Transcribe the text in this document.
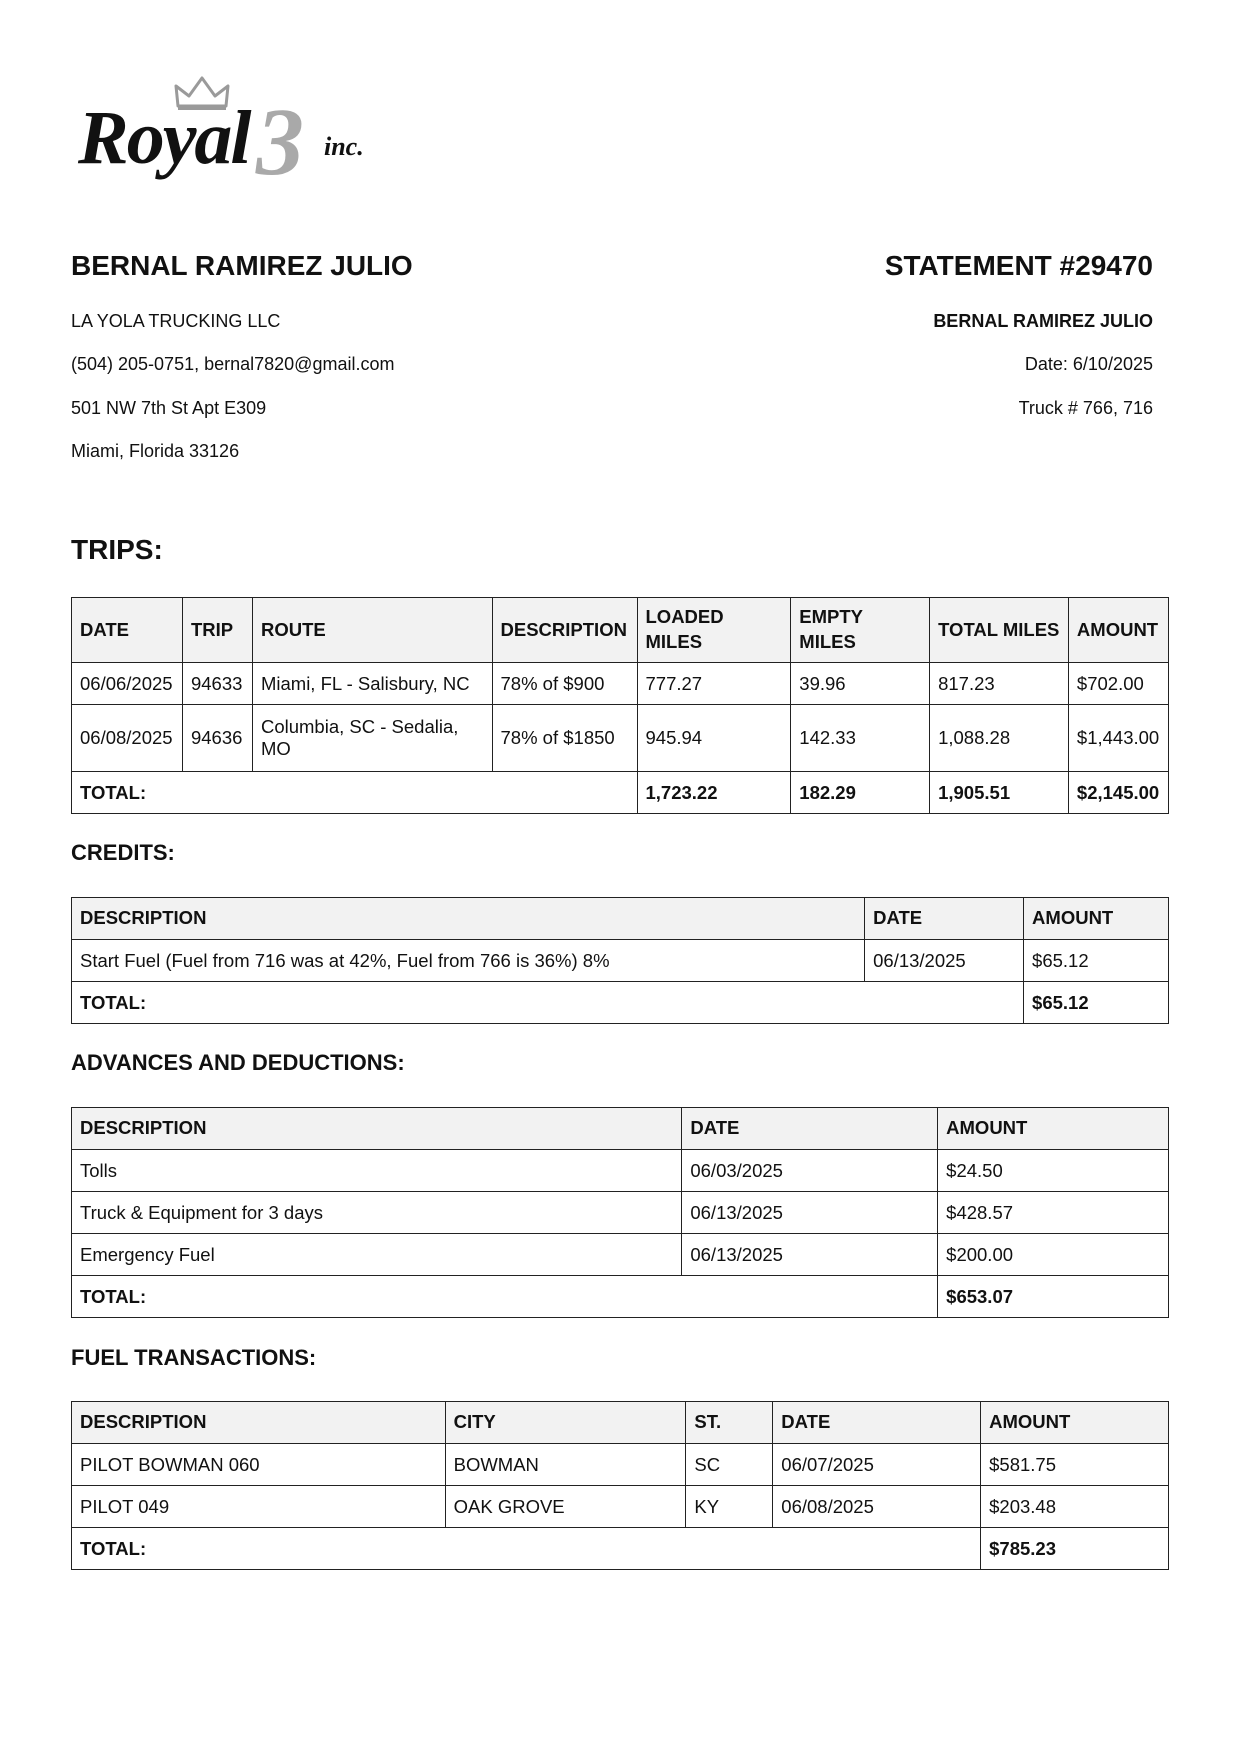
3
Royal	inc.
BERNAL RAMIREZ JULIO
LA YOLA TRUCKING LLC
(504) 205-0751, bernal7820@gmail.com
501 NW 7th St Apt E309
Miami, Florida 33126
STATEMENT #29470
BERNAL RAMIREZ JULIO
Date: 6/10/2025
Truck # 766, 716
TRIPS:
DATE	TRIP	ROUTE	DESCRIPTION	LOADED MILES	EMPTY MILES	TOTAL MILES	AMOUNT
06/06/2025	94633	Miami, FL - Salisbury, NC	78% of $900	777.27	39.96	817.23	$702.00
06/08/2025	94636	Columbia, SC - Sedalia, MO	78% of $1850	945.94	142.33	1,088.28	$1,443.00
TOTAL:				1,723.22	182.29	1,905.51	$2,145.00
CREDITS:
DESCRIPTION	DATE	AMOUNT
Start Fuel (Fuel from 716 was at 42%, Fuel from 766 is 36%) 8%	06/13/2025	$65.12
TOTAL:		$65.12
ADVANCES AND DEDUCTIONS:
DESCRIPTION	DATE	AMOUNT
Tolls	06/03/2025	$24.50
Truck & Equipment for 3 days	06/13/2025	$428.57
Emergency Fuel	06/13/2025	$200.00
TOTAL:		$653.07
FUEL TRANSACTIONS:
DESCRIPTION	CITY	ST.	DATE	AMOUNT
PILOT BOWMAN 060	BOWMAN	SC	06/07/2025	$581.75
PILOT 049	OAK GROVE	KY	06/08/2025	$203.48
TOTAL:				$785.23
